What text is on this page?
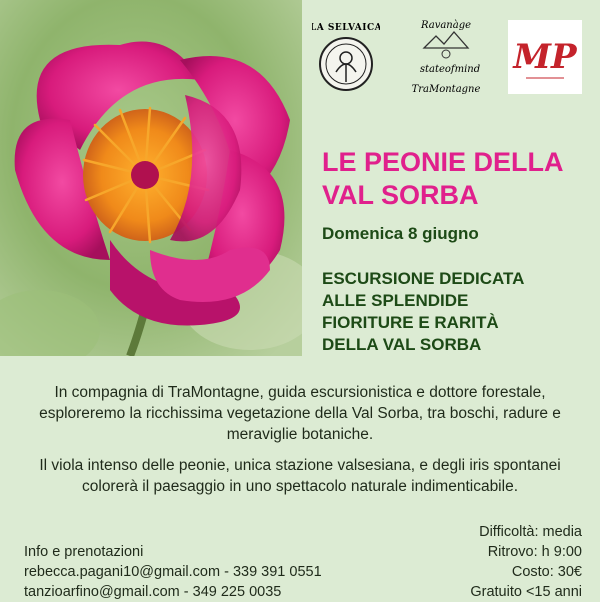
LA SELVAICA	Ravanàge
stateofmind
TraMontagne
MP
LE PEONIE DELLA
VAL SORBA
Domenica 8 giugno
ESCURSIONE DEDICATA
ALLE SPLENDIDE
FIORITURE E RARITÀ
DELLA VAL SORBA

In compagnia di TraMontagne, guida escursionistica e dottore forestale, esploreremo la ricchissima vegetazione della Val Sorba, tra boschi, radure e meraviglie botaniche.

Il viola intenso delle peonie, unica stazione valsesiana, e degli iris spontanei colorerà il paesaggio in uno spettacolo naturale indimenticabile.

Info e prenotazioni
rebecca.pagani10@gmail.com - 339 391 0551
tanzioarfino@gmail.com - 349 225 0035
Difficoltà: media
Ritrovo: h 9:00
Costo: 30€
Gratuito <15 anni
